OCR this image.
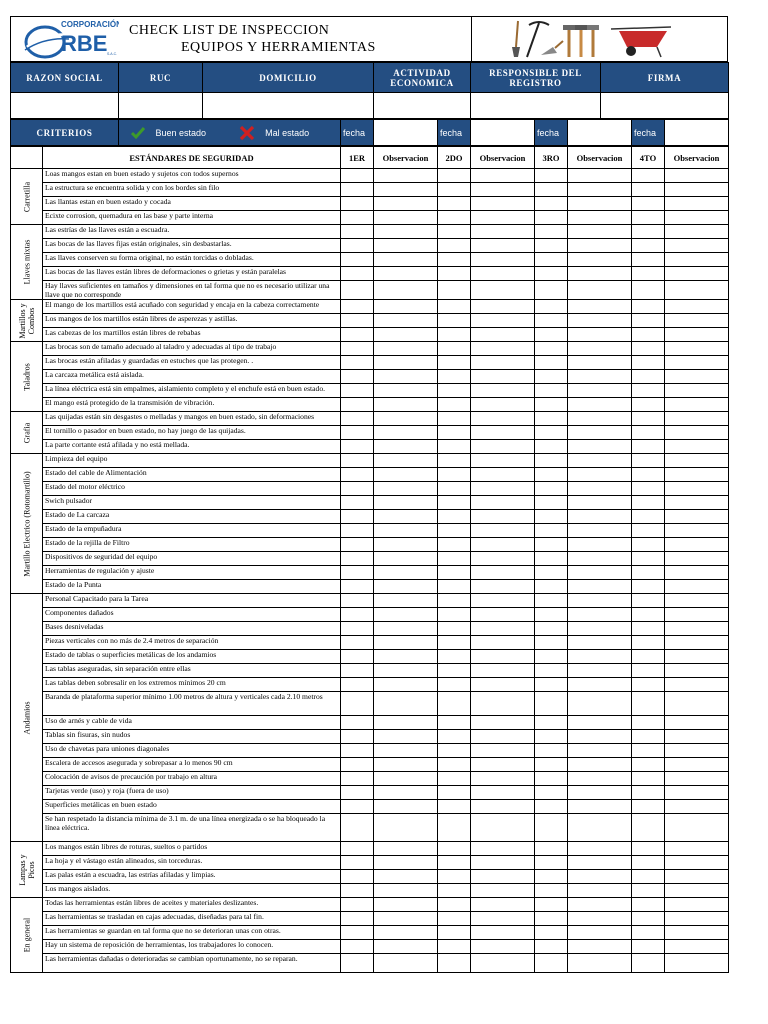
CORPORACIÓN
RBE S.A.C.
CHECK LIST DE INSPECCION
EQUIPOS Y HERRAMIENTAS
RAZON SOCIAL	RUC	DOMICILIO	ACTIVIDAD ECONOMICA	RESPONSIBLE DEL REGISTRO	FIRMA

CRITERIOS	Buen estado	Mal estado	fecha		fecha		fecha		fecha	
	ESTÁNDARES DE SEGURIDAD	1ER	Observacion	2DO	Observacion	3RO	Observacion	4TO	Observacion

Carretilla	Loas mangos estan en buen estado y sujetos con todos supernos								
	La estructura se encuentra solida y con los bordes sin filo								
	Las llantas estan en buen estado y cocada								
	Ecixte corrosion, quemadura en las base y parte interna								

Llaves mixtas	Las estrías de las llaves están a escuadra.								
	Las bocas de las llaves fijas están originales, sin desbastarlas.								
	Las llaves conserven su forma original, no están torcidas o dobladas.								
	Las bocas de las llaves están libres de deformaciones o grietas y están paralelas								
	Hay llaves suficientes en tamaños y dimensiones en tal forma que no es necesario utilizar una llave que no corresponde								

Martillos y Combos	El mango de los martillos está acuñado con seguridad y encaja en la cabeza correctamente								
	Los mangos de los martillos están libres de asperezas y astillas.								
	Las cabezas de los martillos están libres de rebabas								

Taladros	Las brocas son de tamaño adecuado al taladro y adecuadas al tipo de trabajo								
	Las brocas están afiladas y guardadas en estuches que las protegen. .								
	La carcaza metálica está aislada.								
	La línea eléctrica está sin empalmes, aislamiento completo y el enchufe está en buen estado.								
	El mango está protegido de la transmisión de vibración.								

Grafia	Las quijadas están sin desgastes o melladas y mangos en buen estado, sin deformaciones								
	El tornillo o pasador en buen estado, no hay juego de las quijadas.								
	La parte cortante está afilada y no está mellada.								

Martillo Electrico (Rotomartillo)	Limpieza del equipo								
	Estado del cable de Alimentación								
	Estado del motor eléctrico								
	Swich pulsador								
	Estado de La carcaza								
	Estado de la empuñadura								
	Estado de la rejilla de Filtro								
	Dispositivos de seguridad del equipo								
	Herramientas de regulación y ajuste								
	Estado de la Punta								

Andamios	Personal Capacitado para la Tarea								
	Componentes dañados								
	Bases desniveladas								
	Piezas verticales con no más de 2.4 metros de separación								
	Estado de tablas o superficies metálicas de los andamios								
	Las tablas aseguradas, sin separación entre ellas								
	Las tablas deben sobresalir en los extremos mínimos 20 cm								
	Baranda de plataforma superior mínimo 1.00 metros de altura y verticales cada 2.10 metros								
	Uso de arnés y cable de vida								
	Tablas sin fisuras, sin nudos								
	Uso de chavetas para uniones diagonales								
	Escalera de accesos asegurada y sobrepasar a lo menos 90 cm								
	Colocación de avisos de precaución por trabajo en altura								
	Tarjetas verde (uso) y roja (fuera de uso)								
	Superficies metálicas en buen estado								
	Se han respetado la distancia mínima de 3.1 m. de una línea energizada o se ha bloqueado la línea eléctrica.								

Lampas y Picos	Los mangos están libres de roturas, sueltos o partidos								
	La hoja y el vástago están alineados, sin torceduras.								
	Las palas están a escuadra, las estrías afiladas y limpias.								
	Los mangos aislados.								

En general	Todas las herramientas están libres de aceites y materiales deslizantes.								
	Las herramientas se trasladan en cajas adecuadas, diseñadas para tal fin.								
	Las herramientas se guardan en tal forma que no se deterioran unas con otras.								
	Hay un sistema de reposición de herramientas, los trabajadores lo conocen.								
	Las herramientas dañadas o deterioradas se cambian oportunamente, no se reparan.								
